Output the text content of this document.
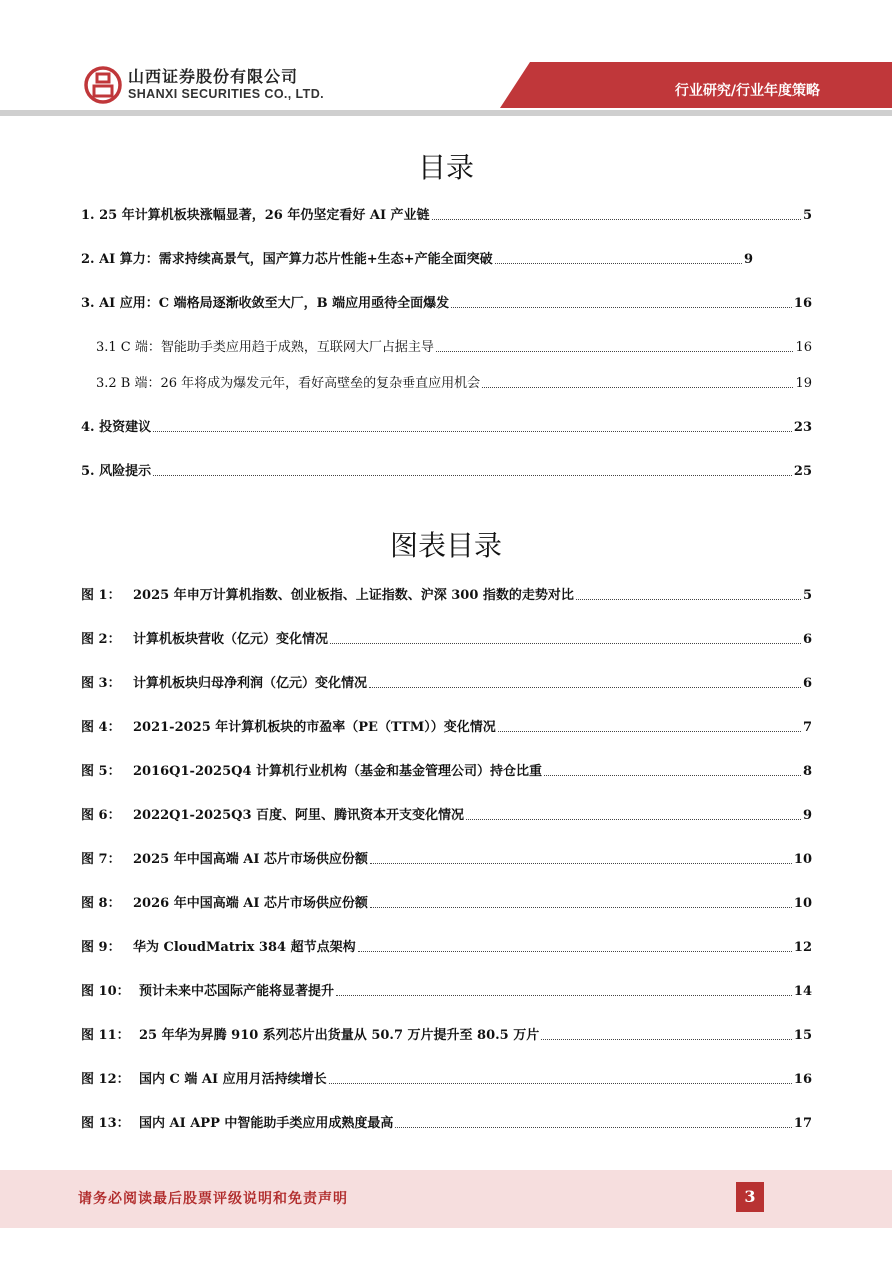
山西证券股份有限公司
SHANXI SECURITIES CO., LTD.	行业研究/行业年度策略
目录
1. 25 年计算机板块涨幅显著，26 年仍坚定看好 AI 产业链	5
2. AI 算力：需求持续高景气，国产算力芯片性能+生态+产能全面突破	9
3. AI 应用：C 端格局逐渐收敛至大厂，B 端应用亟待全面爆发	16
3.1 C 端：智能助手类应用趋于成熟，互联网大厂占据主导	16
3.2 B 端：26 年将成为爆发元年，看好高壁垒的复杂垂直应用机会	19
4. 投资建议	23
5. 风险提示	25
图表目录
图 1： 2025 年申万计算机指数、创业板指、上证指数、沪深 300 指数的走势对比	5
图 2： 计算机板块营收（亿元）变化情况	6
图 3： 计算机板块归母净利润（亿元）变化情况	6
图 4： 2021-2025 年计算机板块的市盈率（PE（TTM））变化情况	7
图 5： 2016Q1-2025Q4 计算机行业机构（基金和基金管理公司）持仓比重	8
图 6： 2022Q1-2025Q3 百度、阿里、腾讯资本开支变化情况	9
图 7： 2025 年中国高端 AI 芯片市场供应份额	10
图 8： 2026 年中国高端 AI 芯片市场供应份额	10
图 9： 华为 CloudMatrix 384 超节点架构	12
图 10： 预计未来中芯国际产能将显著提升	14
图 11： 25 年华为昇腾 910 系列芯片出货量从 50.7 万片提升至 80.5 万片	15
图 12： 国内 C 端 AI 应用月活持续增长	16
图 13： 国内 AI APP 中智能助手类应用成熟度最高	17
请务必阅读最后股票评级说明和免责声明	3
